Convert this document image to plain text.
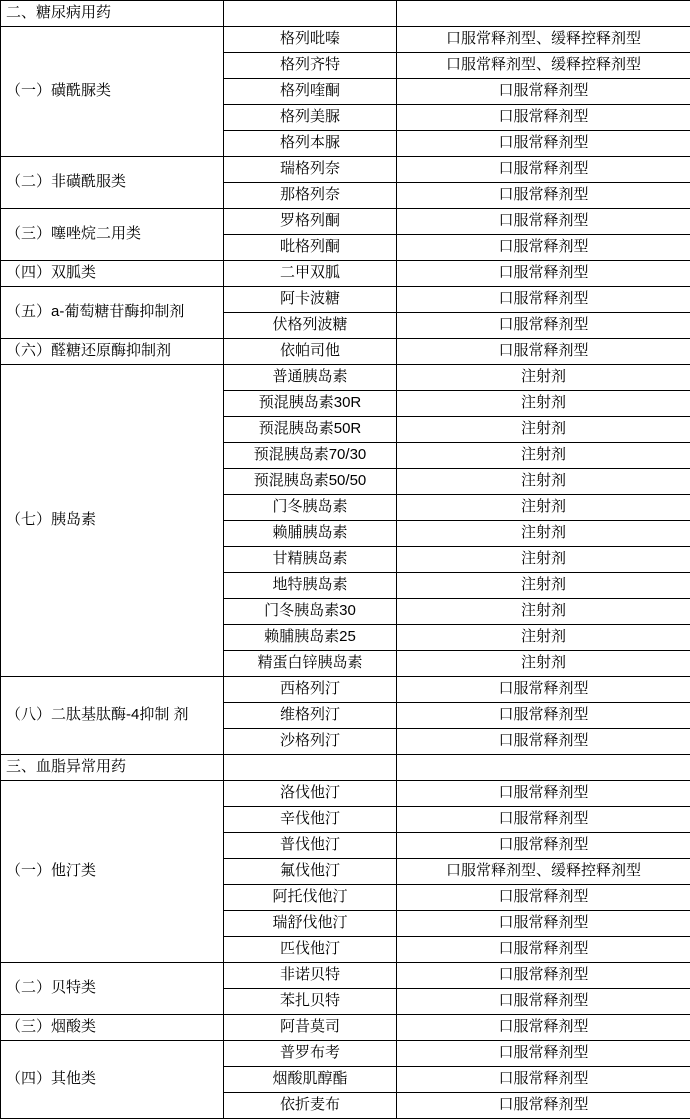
二、糖尿病用药		
（一）磺酰脲类	格列吡嗪	口服常释剂型、缓释控释剂型
	格列齐特	口服常释剂型、缓释控释剂型
	格列喹酮	口服常释剂型
	格列美脲	口服常释剂型
	格列本脲	口服常释剂型
（二）非磺酰服类	瑞格列奈	口服常释剂型
	那格列奈	口服常释剂型
（三）噻唑烷二用类	罗格列酮	口服常释剂型
	吡格列酮	口服常释剂型
（四）双胍类	二甲双胍	口服常释剂型
（五）a-葡萄糖苷酶抑制剂	阿卡波糖	口服常释剂型
	伏格列波糖	口服常释剂型
（六）醛糖还原酶抑制剂	依帕司他	口服常释剂型
（七）胰岛素	普通胰岛素	注射剂
	预混胰岛素30R	注射剂
	预混胰岛素50R	注射剂
	预混胰岛素70/30	注射剂
	预混胰岛素50/50	注射剂
	门冬胰岛素	注射剂
	赖脯胰岛素	注射剂
	甘精胰岛素	注射剂
	地特胰岛素	注射剂
	门冬胰岛素30	注射剂
	赖脯胰岛素25	注射剂
	精蛋白锌胰岛素	注射剂
（八）二肽基肽酶-4抑制 剂	西格列汀	口服常释剂型
	维格列汀	口服常释剂型
	沙格列汀	口服常释剂型
三、血脂异常用药		
（一）他汀类	洛伐他汀	口服常释剂型
	辛伐他汀	口服常释剂型
	普伐他汀	口服常释剂型
	氟伐他汀	口服常释剂型、缓释控释剂型
	阿托伐他汀	口服常释剂型
	瑞舒伐他汀	口服常释剂型
	匹伐他汀	口服常释剂型
（二）贝特类	非诺贝特	口服常释剂型
	苯扎贝特	口服常释剂型
（三）烟酸类	阿昔莫司	口服常释剂型
（四）其他类	普罗布考	口服常释剂型
	烟酸肌醇酯	口服常释剂型
	依折麦布	口服常释剂型
